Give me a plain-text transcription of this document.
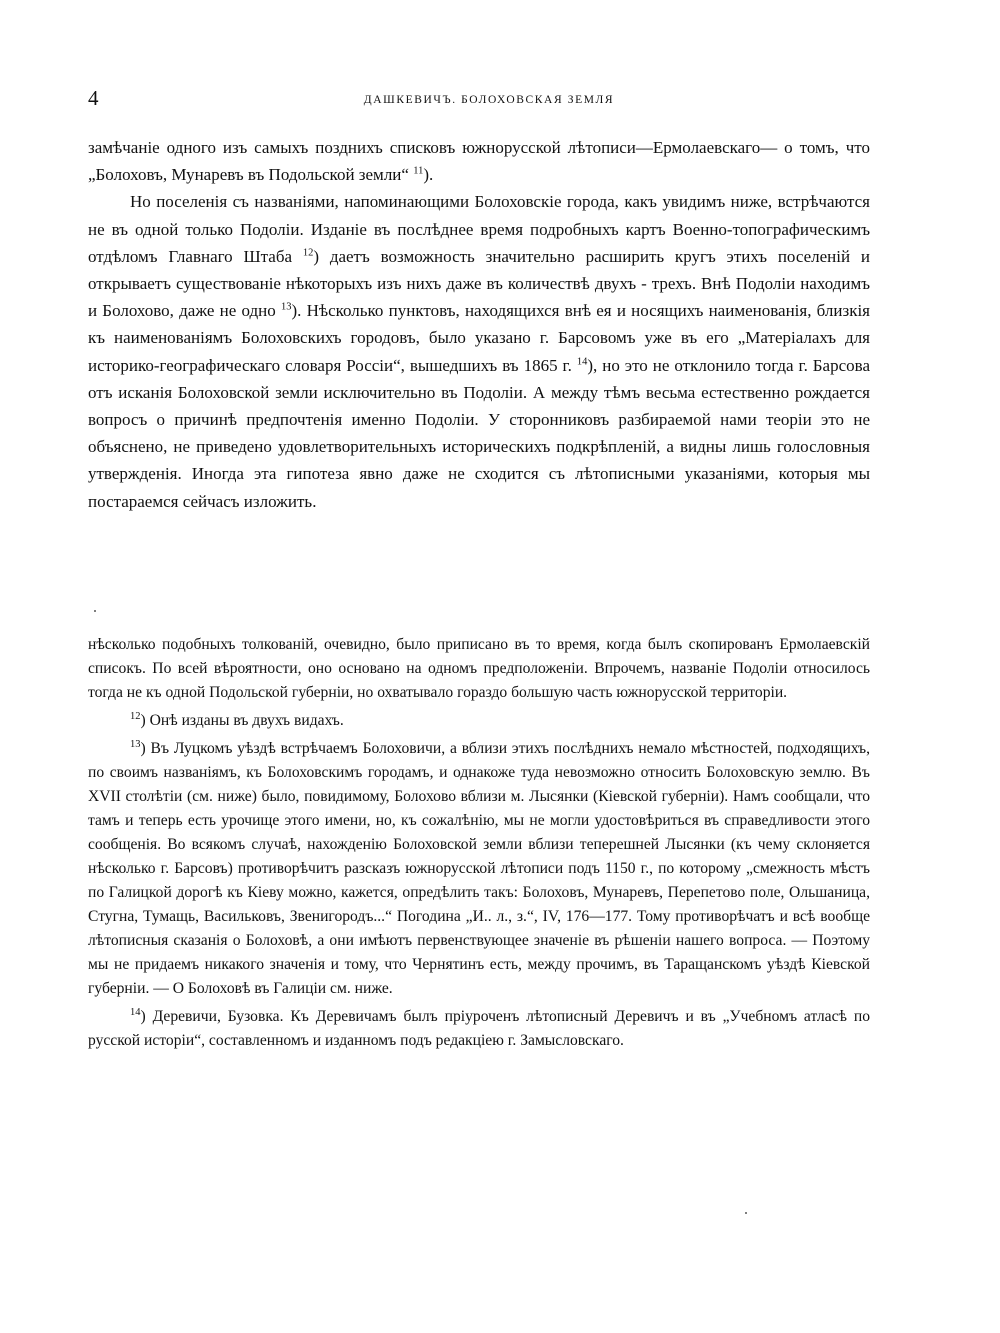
4	ДАШКЕВИЧЪ. БОЛОХОВСКАЯ ЗЕМЛЯ

замѣчаніе одного изъ самыхъ позднихъ списковъ южнорусской лѣтописи—Ермолаевскаго— о томъ, что „Болоховъ, Мунаревъ въ Подольской земли“ $^{11}$).

Но поселенія съ названіями, напоминающими Болоховскіе города, какъ увидимъ ниже, встрѣчаются не въ одной только Подоліи. Изданіе въ послѣднее время подробныхъ картъ Военно-топографическимъ отдѣломъ Главнаго Штаба $^{12}$) даетъ возможность значительно расширить кругъ этихъ поселеній и открываетъ существованіе нѣкоторыхъ изъ нихъ даже въ количествѣ двухъ - трехъ. Внѣ Подоліи находимъ и Болохово, даже не одно $^{13}$). Нѣсколько пунктовъ, находящихся внѣ ея и носящихъ наименованія, близкія къ наименованіямъ Болоховскихъ городовъ, было указано г. Барсовомъ уже въ его „Матеріалахъ для историко-географическаго словаря Россіи“, вышедшихъ въ 1865 г. $^{14}$), но это не отклонило тогда г. Барсова отъ исканія Болоховской земли исключительно въ Подоліи. А между тѣмъ весьма естественно рождается вопросъ о причинѣ предпочтенія именно Подоліи. У сторонниковъ разбираемой нами теоріи это не объяснено, не приведено удовлетворительныхъ историческихъ подкрѣпленій, а видны лишь голословныя утвержденія. Иногда эта гипотеза явно даже не сходится съ лѣтописными указаніями, которыя мы постараемся сейчасъ изложить.

нѣсколько подобныхъ толкованій, очевидно, было приписано въ то время, когда былъ скопированъ Ермолаевскій списокъ. По всей вѣроятности, оно основано на одномъ предположеніи. Впрочемъ, названіе Подоліи относилось тогда не къ одной Подольской губерніи, но охватывало гораздо большую часть южнорусской территоріи.

$^{12}$) Онѣ изданы въ двухъ видахъ.

$^{13}$) Въ Луцкомъ уѣздѣ встрѣчаемъ Болоховичи, а вблизи этихъ послѣднихъ немало мѣстностей, подходящихъ, по своимъ названіямъ, къ Болоховскимъ городамъ, и однакоже туда невозможно относить Болоховскую землю. Въ XVII столѣтіи (см. ниже) было, повидимому, Болохово вблизи м. Лысянки (Кіевской губерніи). Намъ сообщали, что тамъ и теперь есть урочище этого имени, но, къ сожалѣнію, мы не могли удостовѣриться въ справедливости этого сообщенія. Во всякомъ случаѣ, нахожденію Болоховской земли вблизи теперешней Лысянки (къ чему склоняется нѣсколько г. Барсовъ) противорѣчитъ разсказъ южнорусской лѣтописи подъ 1150 г., по которому „смежность мѣстъ по Галицкой дорогѣ къ Кіеву можно, кажется, опредѣлить такъ: Болоховъ, Мунаревъ, Перепетово поле, Ольшаница, Стугна, Тумащь, Васильковъ, Звенигородъ...“ Погодина „И.. л., з.“, IV, 176—177. Тому противорѣчатъ и всѣ вообще лѣтописныя сказанія о Болоховѣ, а они имѣютъ первенствующее значеніе въ рѣшеніи нашего вопроса. — Поэтому мы не придаемъ никакого значенія и тому, что Чернятинъ есть, между прочимъ, въ Таращанскомъ уѣздѣ Кіевской губерніи. — О Болоховѣ въ Галиціи см. ниже.

$^{14}$) Деревичи, Бузовка. Къ Деревичамъ былъ пріуроченъ лѣтописный Деревичъ и въ „Учебномъ атласѣ по русской исторіи“, составленномъ и изданномъ подъ редакціею г. Замысловскаго.
